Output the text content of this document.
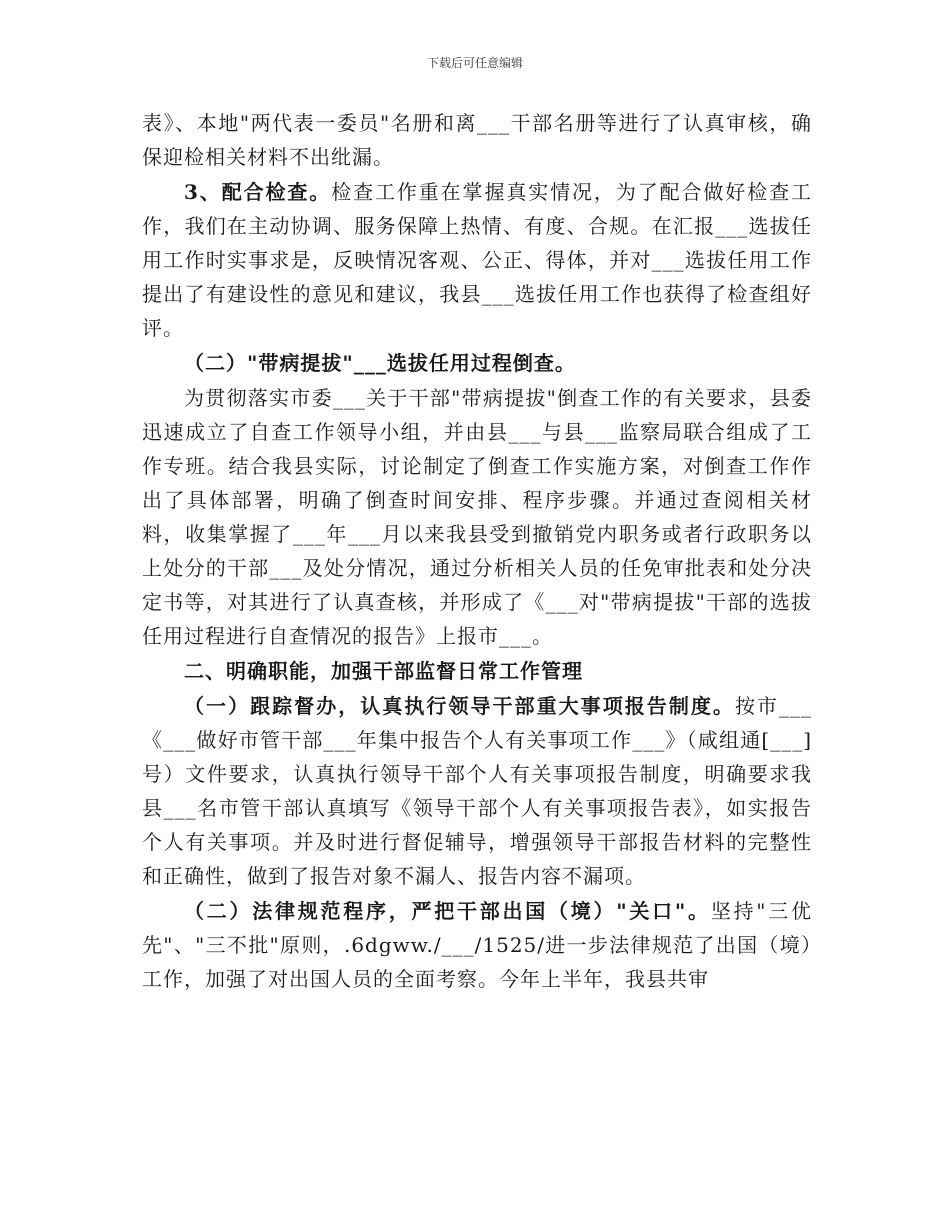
下载后可任意编辑

表》、本地"两代表一委员"名册和离___干部名册等进行了认真审核，确保迎检相关材料不出纰漏。

3、配合检查。检查工作重在掌握真实情况，为了配合做好检查工作，我们在主动协调、服务保障上热情、有度、合规。在汇报___选拔任用工作时实事求是，反映情况客观、公正、得体，并对___选拔任用工作提出了有建设性的意见和建议，我县___选拔任用工作也获得了检查组好评。

（二）"带病提拔"___选拔任用过程倒查。

为贯彻落实市委___关于干部"带病提拔"倒查工作的有关要求，县委迅速成立了自查工作领导小组，并由县___与县___监察局联合组成了工作专班。结合我县实际，讨论制定了倒查工作实施方案，对倒查工作作出了具体部署，明确了倒查时间安排、程序步骤。并通过查阅相关材料，收集掌握了___年___月以来我县受到撤销党内职务或者行政职务以上处分的干部___及处分情况，通过分析相关人员的任免审批表和处分决定书等，对其进行了认真查核，并形成了《___对"带病提拔"干部的选拔任用过程进行自查情况的报告》上报市___。

二、明确职能，加强干部监督日常工作管理

（一）跟踪督办，认真执行领导干部重大事项报告制度。按市___《___做好市管干部___年集中报告个人有关事项工作___》（咸组通[___]号）文件要求，认真执行领导干部个人有关事项报告制度，明确要求我县___名市管干部认真填写《领导干部个人有关事项报告表》，如实报告个人有关事项。并及时进行督促辅导，增强领导干部报告材料的完整性和正确性，做到了报告对象不漏人、报告内容不漏项。

（二）法律规范程序，严把干部出国（境）"关口"。坚持"三优先"、"三不批"原则，.6dgww./___/1525/进一步法律规范了出国（境）工作，加强了对出国人员的全面考察。今年上半年，我县共审
